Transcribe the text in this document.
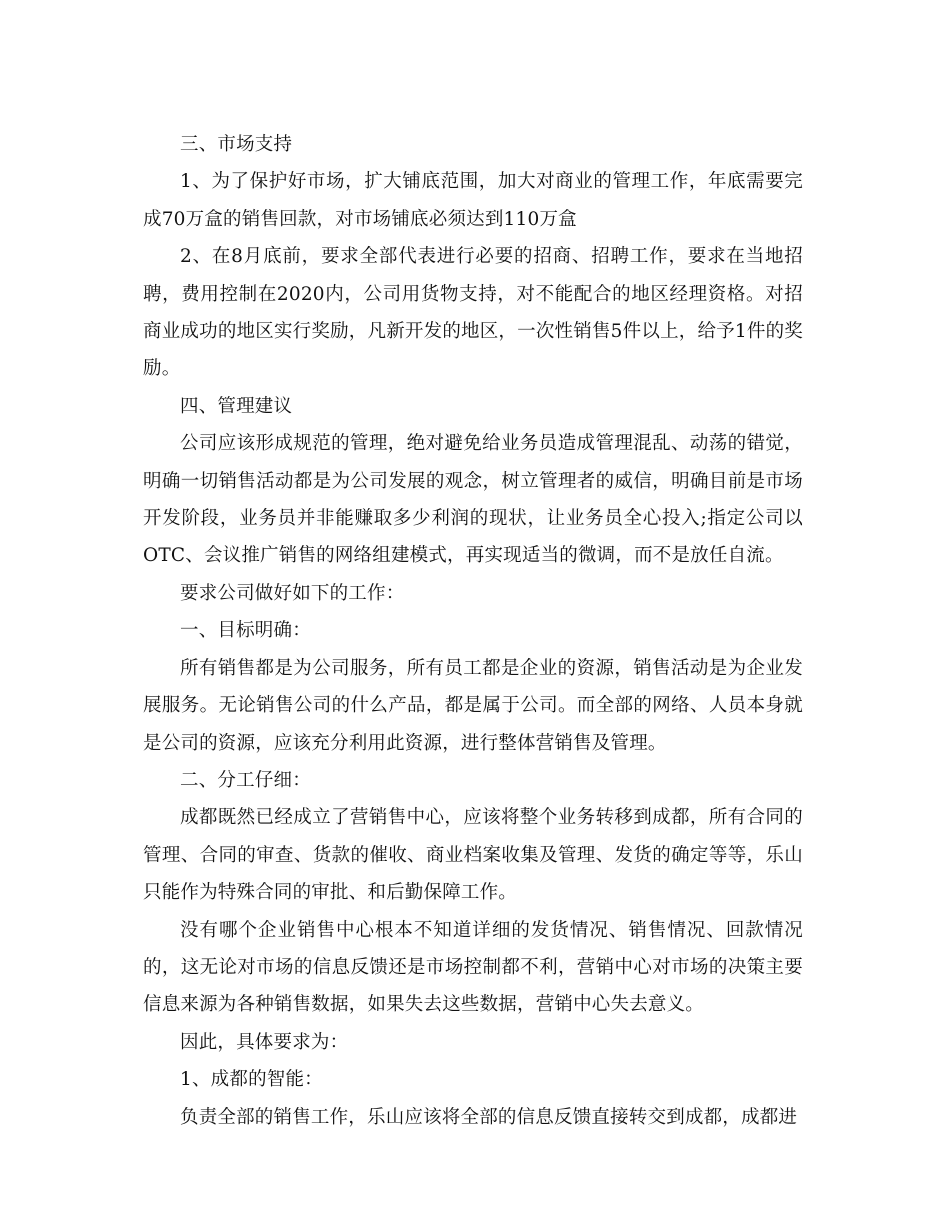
三、市场支持

1、为了保护好市场，扩大铺底范围，加大对商业的管理工作，年底需要完成70万盒的销售回款，对市场铺底必须达到110万盒

2、在8月底前，要求全部代表进行必要的招商、招聘工作，要求在当地招聘，费用控制在2020内，公司用货物支持，对不能配合的地区经理资格。对招商业成功的地区实行奖励，凡新开发的地区，一次性销售5件以上，给予1件的奖励。

四、管理建议

公司应该形成规范的管理，绝对避免给业务员造成管理混乱、动荡的错觉，明确一切销售活动都是为公司发展的观念，树立管理者的威信，明确目前是市场开发阶段，业务员并非能赚取多少利润的现状，让业务员全心投入;指定公司以OTC、会议推广销售的网络组建模式，再实现适当的微调，而不是放任自流。

要求公司做好如下的工作：

一、目标明确：

所有销售都是为公司服务，所有员工都是企业的资源，销售活动是为企业发展服务。无论销售公司的什么产品，都是属于公司。而全部的网络、人员本身就是公司的资源，应该充分利用此资源，进行整体营销售及管理。

二、分工仔细：

成都既然已经成立了营销售中心，应该将整个业务转移到成都，所有合同的管理、合同的审查、货款的催收、商业档案收集及管理、发货的确定等等，乐山只能作为特殊合同的审批、和后勤保障工作。

没有哪个企业销售中心根本不知道详细的发货情况、销售情况、回款情况的，这无论对市场的信息反馈还是市场控制都不利，营销中心对市场的决策主要信息来源为各种销售数据，如果失去这些数据，营销中心失去意义。

因此，具体要求为：

1、成都的智能：

负责全部的销售工作，乐山应该将全部的信息反馈直接转交到成都，成都进
